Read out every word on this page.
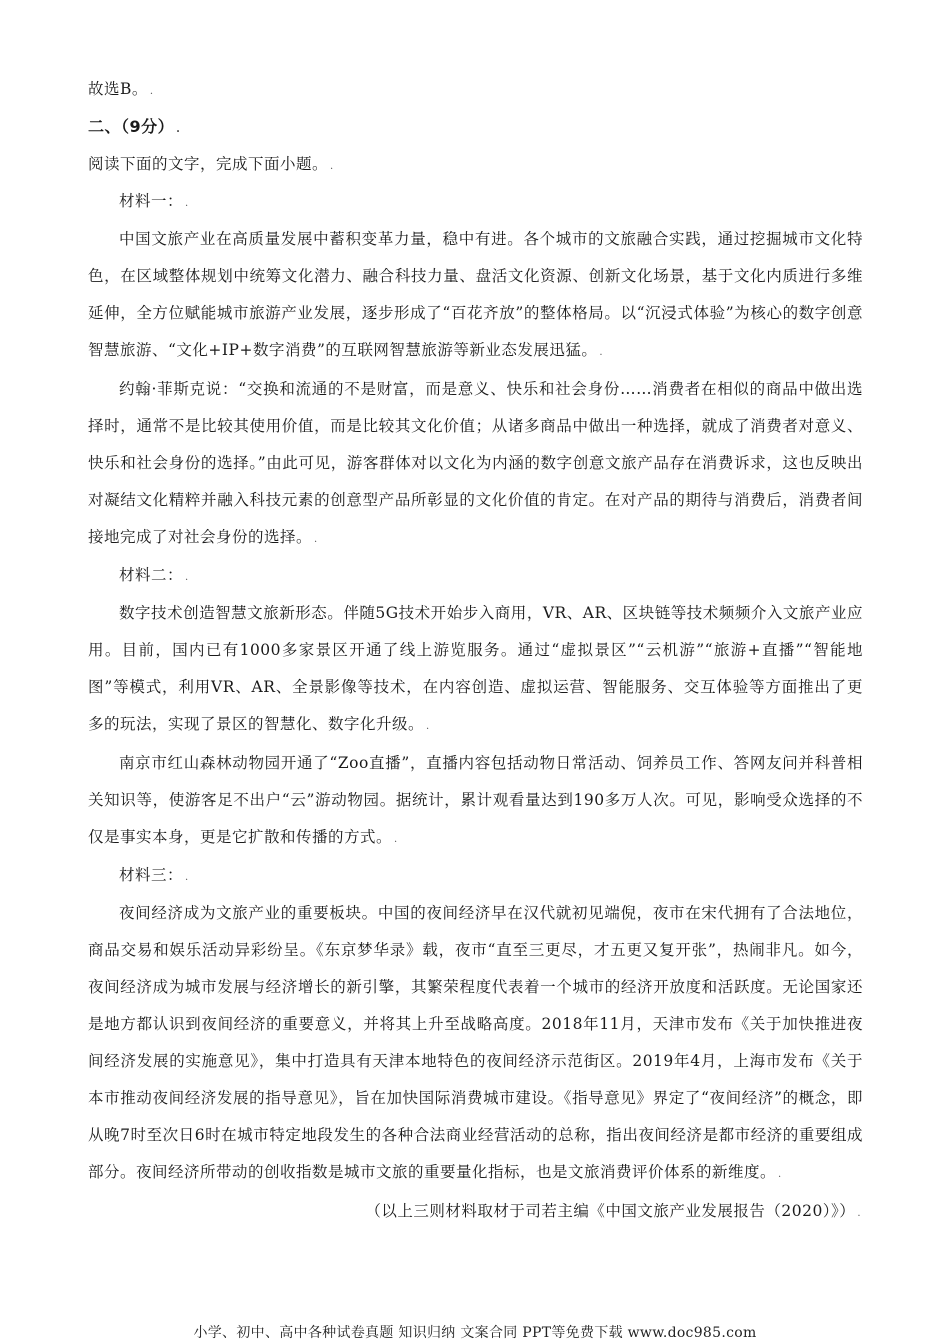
故选B。 .

二、（9分） .

阅读下面的文字，完成下面小题。 .

材料一： .

中国文旅产业在高质量发展中蓄积变革力量，稳中有进。各个城市的文旅融合实践，通过挖掘城市文化特色，在区域整体规划中统筹文化潜力、融合科技力量、盘活文化资源、创新文化场景，基于文化内质进行多维延伸，全方位赋能城市旅游产业发展，逐步形成了“百花齐放”的整体格局。以“沉浸式体验”为核心的数字创意智慧旅游、“文化+IP+数字消费”的互联网智慧旅游等新业态发展迅猛。 .

约翰·菲斯克说：“交换和流通的不是财富，而是意义、快乐和社会身份……消费者在相似的商品中做出选择时，通常不是比较其使用价值，而是比较其文化价值；从诸多商品中做出一种选择，就成了消费者对意义、快乐和社会身份的选择。”由此可见，游客群体对以文化为内涵的数字创意文旅产品存在消费诉求，这也反映出对凝结文化精粹并融入科技元素的创意型产品所彰显的文化价值的肯定。在对产品的期待与消费后，消费者间接地完成了对社会身份的选择。 .

材料二： .

数字技术创造智慧文旅新形态。伴随5G技术开始步入商用，VR、AR、区块链等技术频频介入文旅产业应用。目前，国内已有1000多家景区开通了线上游览服务。通过“虚拟景区”“云机游”“旅游+直播”“智能地图”等模式，利用VR、AR、全景影像等技术，在内容创造、虚拟运营、智能服务、交互体验等方面推出了更多的玩法，实现了景区的智慧化、数字化升级。 .

南京市红山森林动物园开通了“Zoo直播”，直播内容包括动物日常活动、饲养员工作、答网友问并科普相关知识等，使游客足不出户“云”游动物园。据统计，累计观看量达到190多万人次。可见，影响受众选择的不仅是事实本身，更是它扩散和传播的方式。 .

材料三： .

夜间经济成为文旅产业的重要板块。中国的夜间经济早在汉代就初见端倪，夜市在宋代拥有了合法地位，商品交易和娱乐活动异彩纷呈。《东京梦华录》载，夜市“直至三更尽，才五更又复开张”，热闹非凡。如今，夜间经济成为城市发展与经济增长的新引擎，其繁荣程度代表着一个城市的经济开放度和活跃度。无论国家还是地方都认识到夜间经济的重要意义，并将其上升至战略高度。2018年11月，天津市发布《关于加快推进夜间经济发展的实施意见》，集中打造具有天津本地特色的夜间经济示范街区。2019年4月，上海市发布《关于本市推动夜间经济发展的指导意见》，旨在加快国际消费城市建设。《指导意见》界定了“夜间经济”的概念，即从晚7时至次日6时在城市特定地段发生的各种合法商业经营活动的总称，指出夜间经济是都市经济的重要组成部分。夜间经济所带动的创收指数是城市文旅的重要量化指标，也是文旅消费评价体系的新维度。 .

（以上三则材料取材于司若主编《中国文旅产业发展报告（2020）》） .

小学、初中、高中各种试卷真题 知识归纳 文案合同 PPT等免费下载 www.doc985.com
